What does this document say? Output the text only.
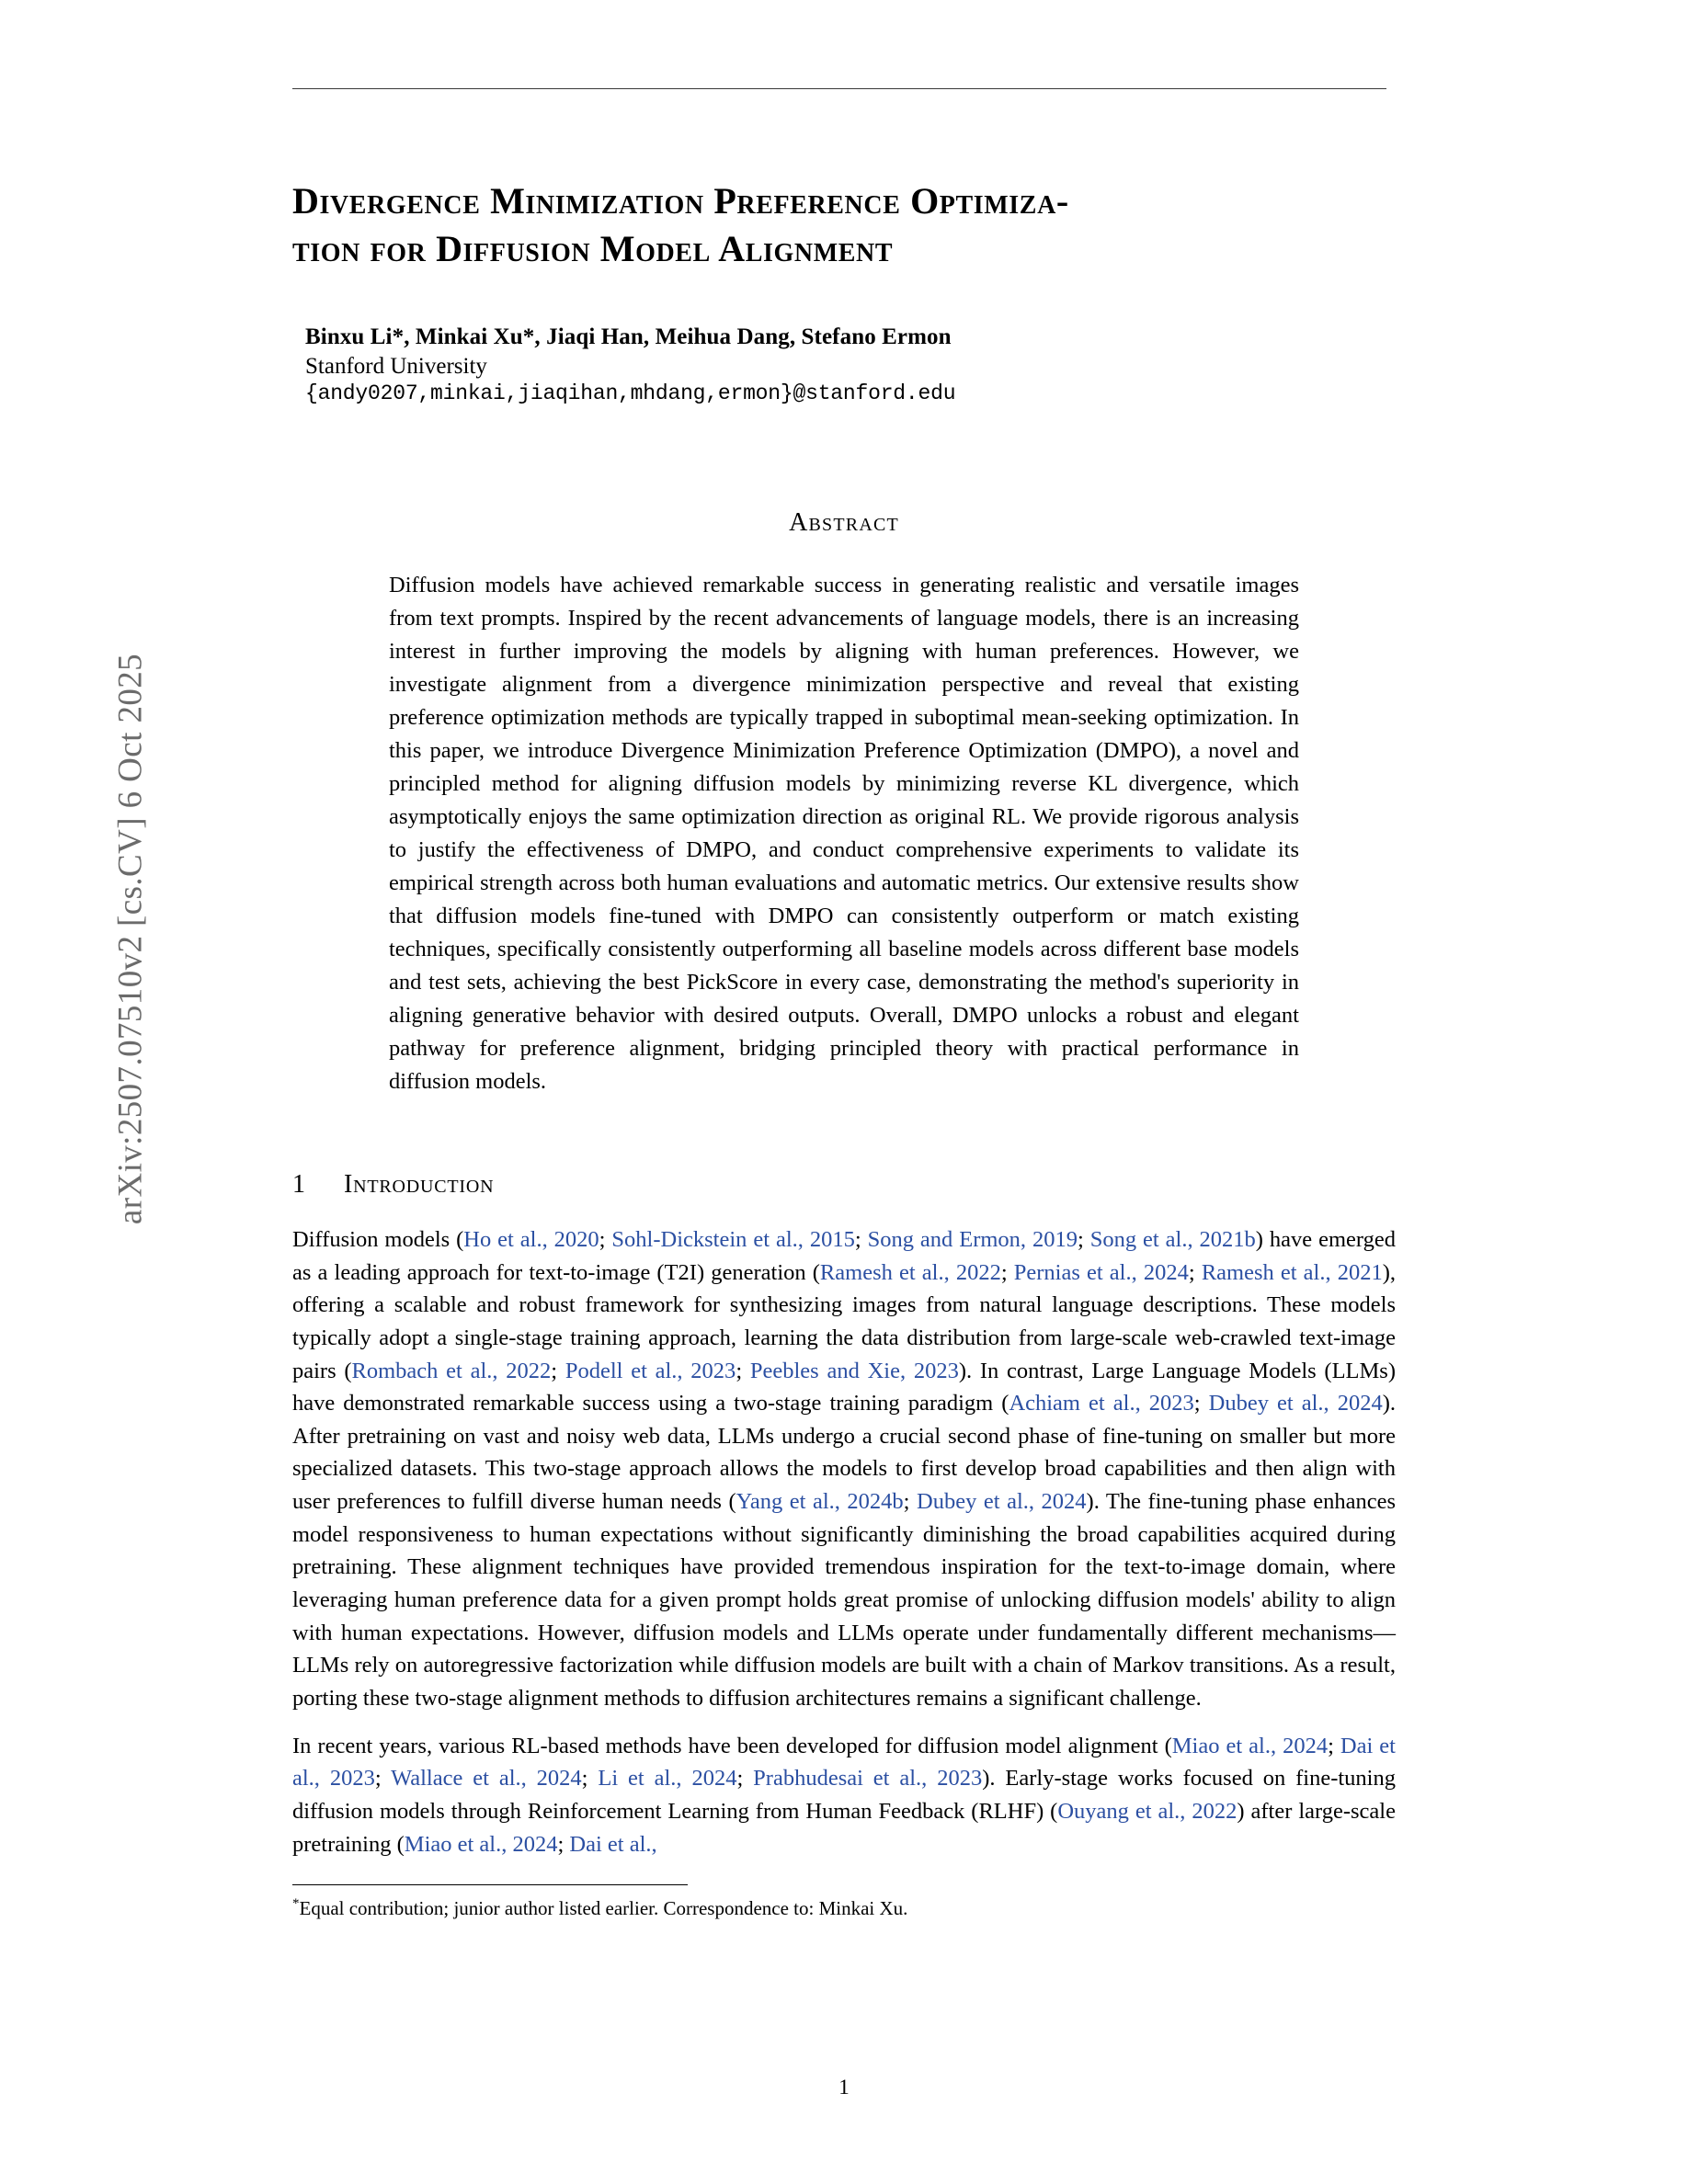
arXiv:2507.07510v2 [cs.CV] 6 Oct 2025
Divergence Minimization Preference Optimiza-
tion for Diffusion Model Alignment
Binxu Li*, Minkai Xu*, Jiaqi Han, Meihua Dang, Stefano Ermon
Stanford University
{andy0207,minkai,jiaqihan,mhdang,ermon}@stanford.edu
Abstract
Diffusion models have achieved remarkable success in generating realistic and versatile images from text prompts. Inspired by the recent advancements of language models, there is an increasing interest in further improving the models by aligning with human preferences. However, we investigate alignment from a divergence minimization perspective and reveal that existing preference optimization methods are typically trapped in suboptimal mean-seeking optimization. In this paper, we introduce Divergence Minimization Preference Optimization (DMPO), a novel and principled method for aligning diffusion models by minimizing reverse KL divergence, which asymptotically enjoys the same optimization direction as original RL. We provide rigorous analysis to justify the effectiveness of DMPO, and conduct comprehensive experiments to validate its empirical strength across both human evaluations and automatic metrics. Our extensive results show that diffusion models fine-tuned with DMPO can consistently outperform or match existing techniques, specifically consistently outperforming all baseline models across different base models and test sets, achieving the best PickScore in every case, demonstrating the method's superiority in aligning generative behavior with desired outputs. Overall, DMPO unlocks a robust and elegant pathway for preference alignment, bridging principled theory with practical performance in diffusion models.
1 Introduction

Diffusion models (Ho et al., 2020; Sohl-Dickstein et al., 2015; Song and Ermon, 2019; Song et al., 2021b) have emerged as a leading approach for text-to-image (T2I) generation (Ramesh et al., 2022; Pernias et al., 2024; Ramesh et al., 2021), offering a scalable and robust framework for synthesizing images from natural language descriptions. These models typically adopt a single-stage training approach, learning the data distribution from large-scale web-crawled text-image pairs (Rombach et al., 2022; Podell et al., 2023; Peebles and Xie, 2023). In contrast, Large Language Models (LLMs) have demonstrated remarkable success using a two-stage training paradigm (Achiam et al., 2023; Dubey et al., 2024). After pretraining on vast and noisy web data, LLMs undergo a crucial second phase of fine-tuning on smaller but more specialized datasets. This two-stage approach allows the models to first develop broad capabilities and then align with user preferences to fulfill diverse human needs (Yang et al., 2024b; Dubey et al., 2024). The fine-tuning phase enhances model responsiveness to human expectations without significantly diminishing the broad capabilities acquired during pretraining. These alignment techniques have provided tremendous inspiration for the text-to-image domain, where leveraging human preference data for a given prompt holds great promise of unlocking diffusion models' ability to align with human expectations. However, diffusion models and LLMs operate under fundamentally different mechanisms—LLMs rely on autoregressive factorization while diffusion models are built with a chain of Markov transitions. As a result, porting these two-stage alignment methods to diffusion architectures remains a significant challenge.

In recent years, various RL-based methods have been developed for diffusion model alignment (Miao et al., 2024; Dai et al., 2023; Wallace et al., 2024; Li et al., 2024; Prabhudesai et al., 2023). Early-stage works focused on fine-tuning diffusion models through Reinforcement Learning from Human Feedback (RLHF) (Ouyang et al., 2022) after large-scale pretraining (Miao et al., 2024; Dai et al.,

*Equal contribution; junior author listed earlier. Correspondence to: Minkai Xu.

1
